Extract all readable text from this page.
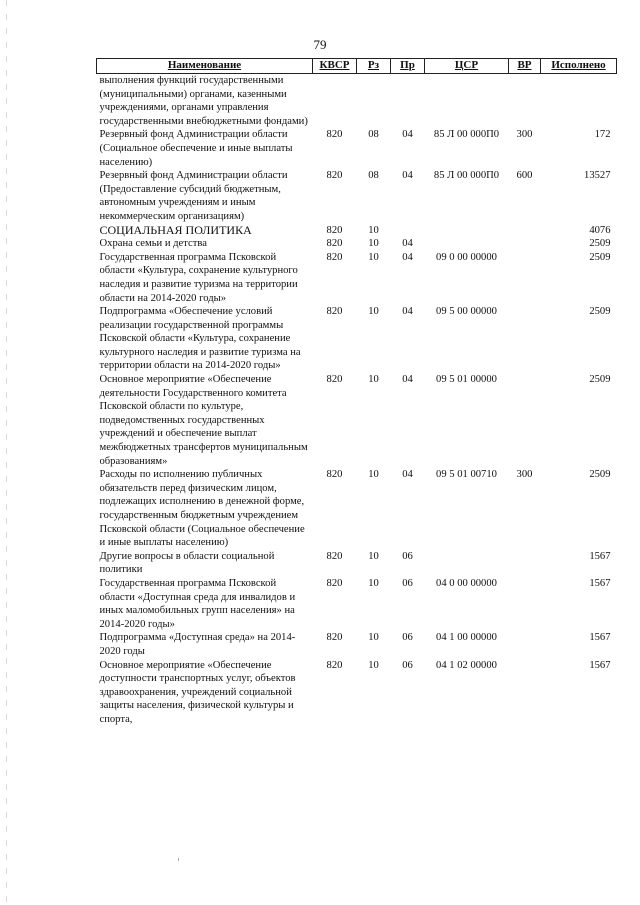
79
Наименование	КВСР	Рз	Пр	ЦСР	ВР	Исполнено
выполнения функций государственными (муниципальными) органами, казенными учреждениями, органами управления государственными внебюджетными фондами)						
Резервный фонд Администрации области (Социальное обеспечение и иные выплаты населению)	820	08	04	85 Л 00 000П0	300	172
Резервный фонд Администрации области (Предоставление субсидий бюджетным, автономным учреждениям и иным некоммерческим организациям)	820	08	04	85 Л 00 000П0	600	13527
СОЦИАЛЬНАЯ ПОЛИТИКА	820	10				4076
Охрана семьи и детства	820	10	04			2509
Государственная программа Псковской области «Культура, сохранение культурного наследия и развитие туризма на территории области на 2014-2020 годы»	820	10	04	09 0 00 00000		2509
Подпрограмма «Обеспечение условий реализации государственной программы Псковской области «Культура, сохранение культурного наследия и развитие туризма на территории области на 2014-2020 годы»	820	10	04	09 5 00 00000		2509
Основное мероприятие «Обеспечение деятельности Государственного комитета Псковской области по культуре, подведомственных государственных учреждений и обеспечение выплат межбюджетных трансфертов муниципальным образованиям»	820	10	04	09 5 01 00000		2509
Расходы по исполнению публичных обязательств перед физическим лицом, подлежащих исполнению в денежной форме, государственным бюджетным учреждением Псковской области (Социальное обеспечение и иные выплаты населению)	820	10	04	09 5 01 00710	300	2509
Другие вопросы в области социальной политики	820	10	06			1567
Государственная программа Псковской области «Доступная среда для инвалидов и иных маломобильных групп населения» на 2014-2020 годы»	820	10	06	04 0 00 00000		1567
Подпрограмма «Доступная среда» на 2014-2020 годы	820	10	06	04 1 00 00000		1567
Основное мероприятие «Обеспечение доступности транспортных услуг, объектов здравоохранения, учреждений социальной защиты населения, физической культуры и спорта,	820	10	06	04 1 02 00000		1567
